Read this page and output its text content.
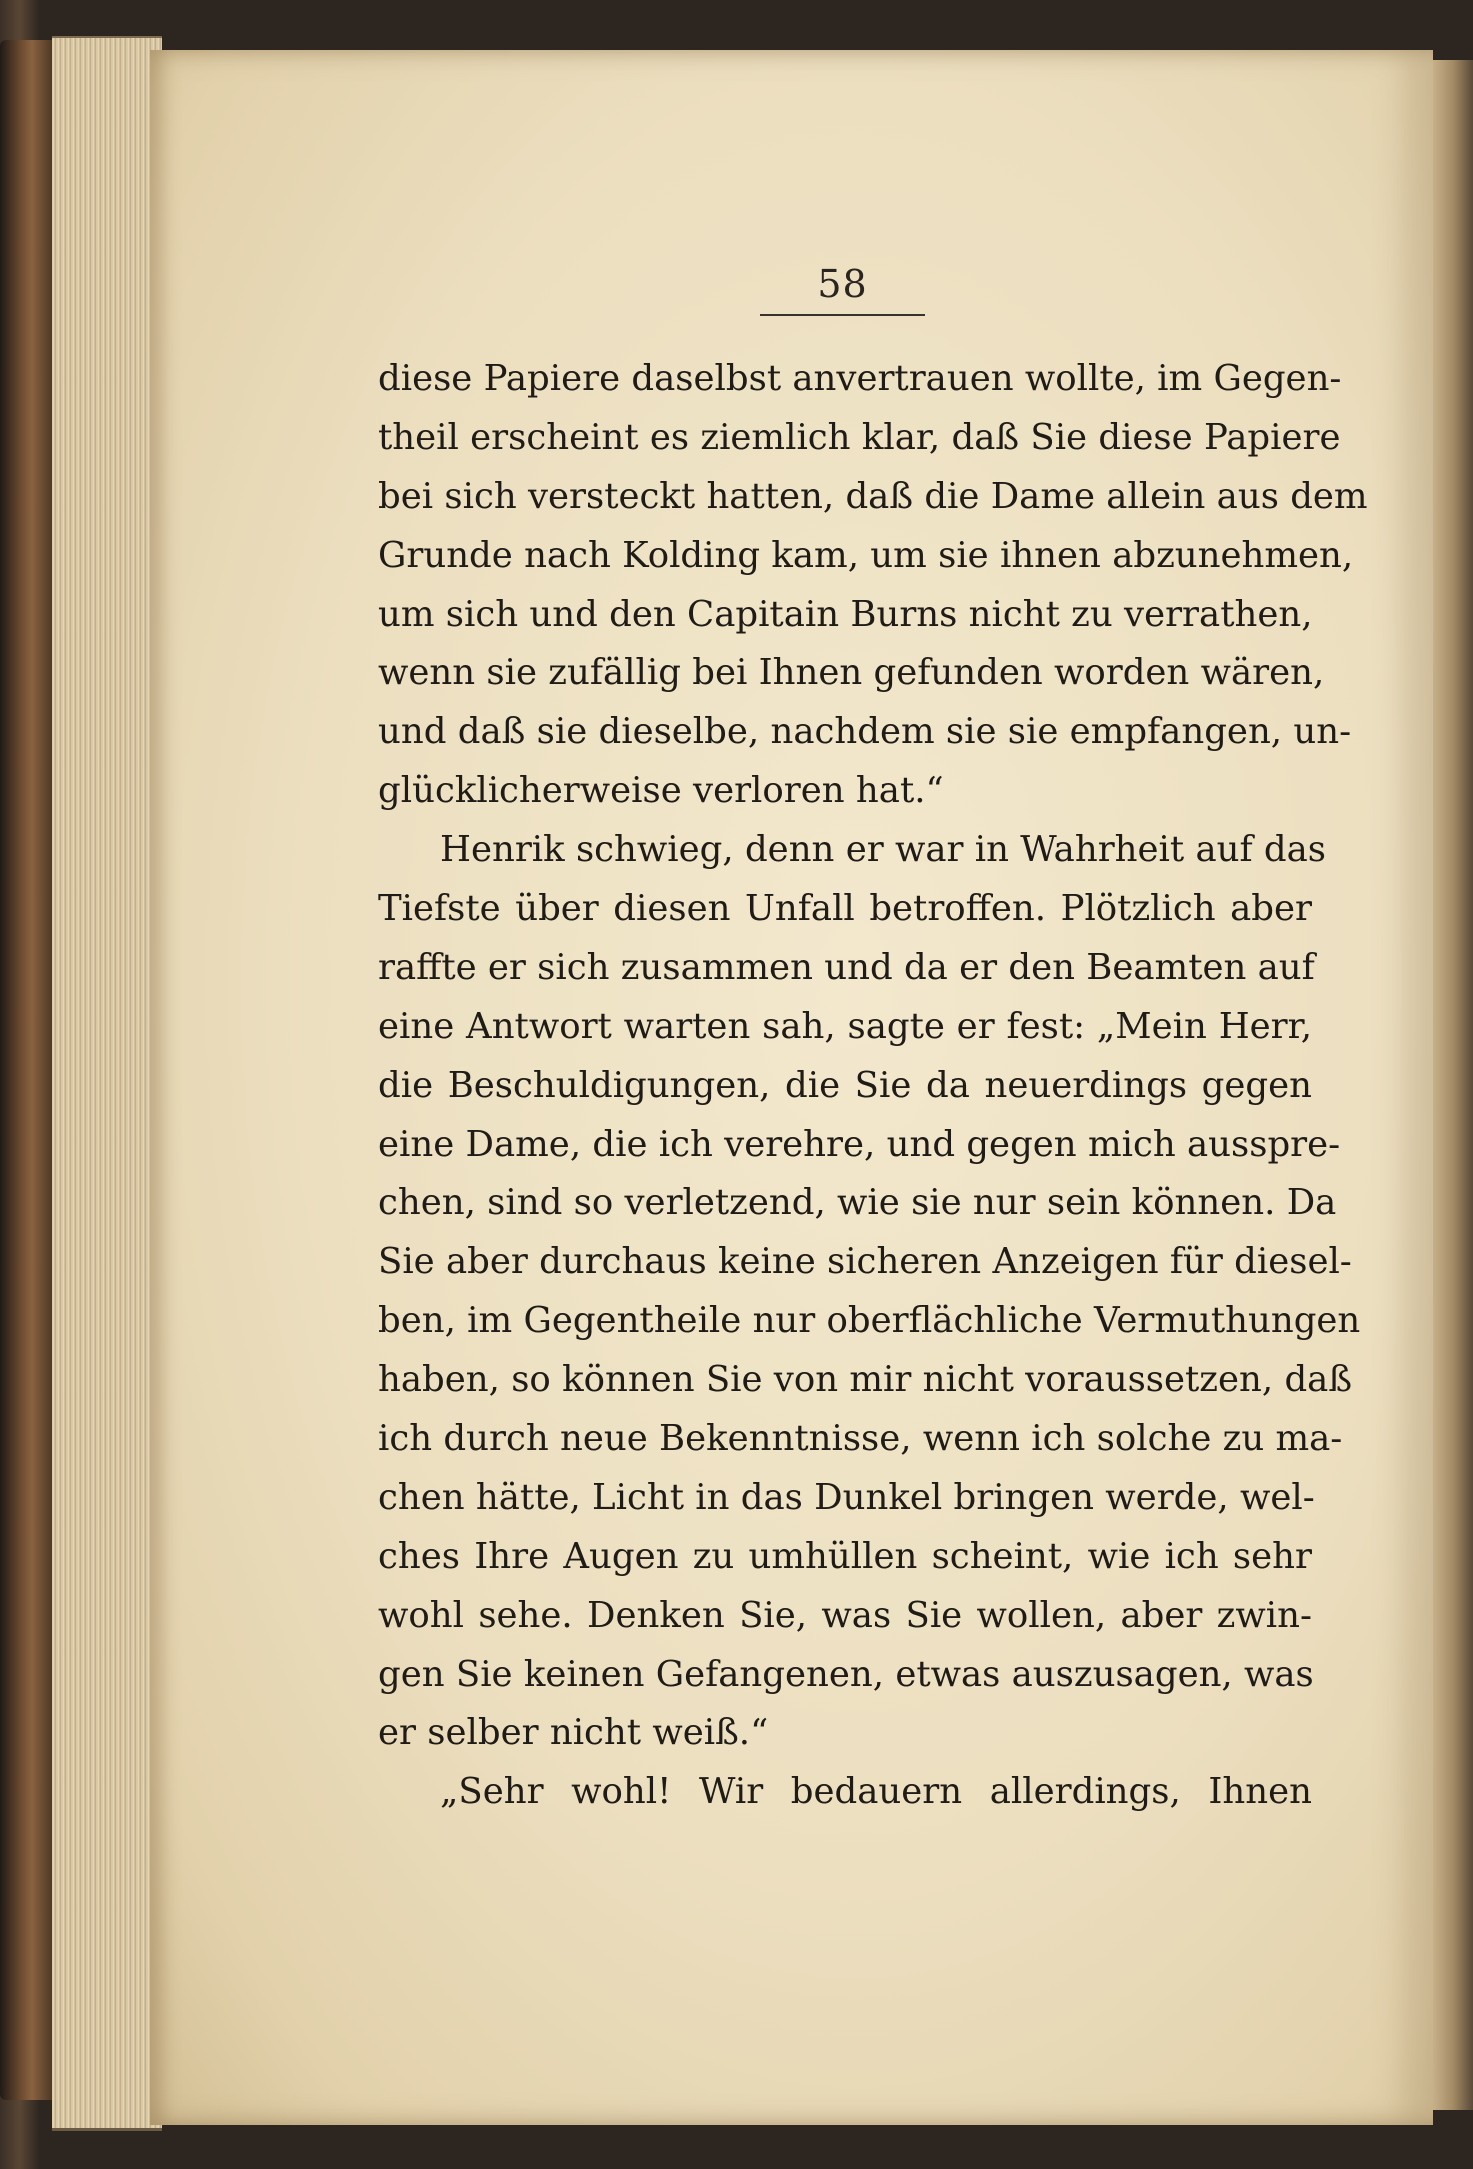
58
diese Papiere daselbst anvertrauen wollte, im Gegen-
theil erscheint es ziemlich klar, daß Sie diese Papiere
bei sich versteckt hatten, daß die Dame allein aus dem
Grunde nach Kolding kam, um sie ihnen abzunehmen,
um sich und den Capitain Burns nicht zu verrathen,
wenn sie zufällig bei Ihnen gefunden worden wären,
und daß sie dieselbe, nachdem sie sie empfangen, un-
glücklicherweise verloren hat.“
Henrik schwieg, denn er war in Wahrheit auf das
Tiefste über diesen Unfall betroffen. Plötzlich aber
raffte er sich zusammen und da er den Beamten auf
eine Antwort warten sah, sagte er fest: „Mein Herr,
die Beschuldigungen, die Sie da neuerdings gegen
eine Dame, die ich verehre, und gegen mich ausspre-
chen, sind so verletzend, wie sie nur sein können. Da
Sie aber durchaus keine sicheren Anzeigen für diesel-
ben, im Gegentheile nur oberflächliche Vermuthungen
haben, so können Sie von mir nicht voraussetzen, daß
ich durch neue Bekenntnisse, wenn ich solche zu ma-
chen hätte, Licht in das Dunkel bringen werde, wel-
ches Ihre Augen zu umhüllen scheint, wie ich sehr
wohl sehe. Denken Sie, was Sie wollen, aber zwin-
gen Sie keinen Gefangenen, etwas auszusagen, was
er selber nicht weiß.“
„Sehr wohl! Wir bedauern allerdings, Ihnen
